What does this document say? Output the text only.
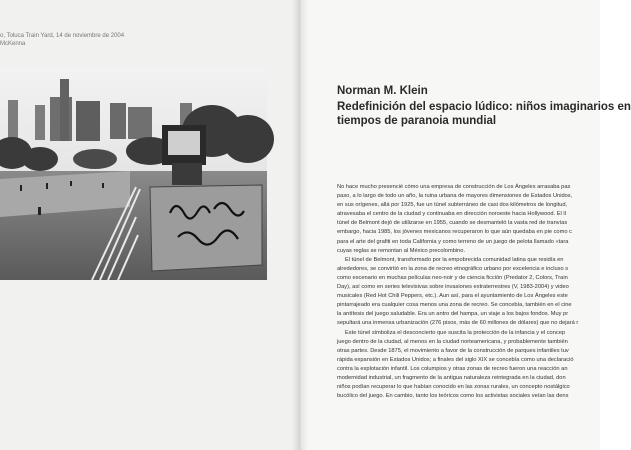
o, Toluca Train Yard, 14 de noviembre de 2004
McKenna
Norman M. Klein
Redefinición del espacio lúdico: niños imaginarios en
tiempos de paranoia mundial
No hace mucho presencié cómo una empresa de construcción de Los Ángeles arrasaba pas
paso, a lo largo de todo un año, la ruina urbana de mayores dimensiones de Estados Unidos,
en sus orígenes, allá por 1925, fue un túnel subterráneo de casi dos kilómetros de longitud,
atravesaba el centro de la ciudad y continuaba en dirección noroeste hacia Hollywood. El ll
túnel de Belmont dejó de utilizarse en 1955, cuando se desmanteló la vasta red de tranvías
embargo, hacia 1985, los jóvenes mexicanos recuperaron lo que aún quedaba en pie como c
para el arte del grafiti en toda California y como terreno de un juego de pelota llamado «tara
cuyas reglas se remontan al México precolombino.
El túnel de Belmont, transformado por la empobrecida comunidad latina que residía en
alrededores, se convirtió en la zona de recreo etnográfico urbano por excelencia e incluso s
como escenario en muchas películas neo-noir y de ciencia ficción (Predator 2, Colors, Train
Day), así como en series televisivas sobre invasiones extraterrestres (V, 1983-2004) y video
musicales (Red Hot Chili Peppers, etc.). Aun así, para el ayuntamiento de Los Ángeles este
pintarrajeado era cualquier cosa menos una zona de recreo. Se concebía, también en el cine
la antítesis del juego saludable. Era un antro del hampa, un viaje a los bajos fondos. Muy pr
sepultará una inmensa urbanización (276 pisos, más de 60 millones de dólares) que no dejará r
Este túnel simboliza el desconcierto que suscita la protección de la infancia y el concep
juego dentro de la ciudad, al menos en la ciudad norteamericana, y probablemente también
otras partes. Desde 1875, el movimiento a favor de la construcción de parques infantiles tuv
rápida expansión en Estados Unidos; a finales del siglo XIX se concebía como una declaració
contra la explotación infantil. Los columpios y otras zonas de recreo fueron una reacción an
modernidad industrial, un fragmento de la antigua naturaleza reintegrada en la ciudad, don
niños podían recuperar lo que habían conocido en las zonas rurales, un concepto nostálgico
bucólico del juego. En cambio, tanto los teóricos como los activistas sociales veían las dens
